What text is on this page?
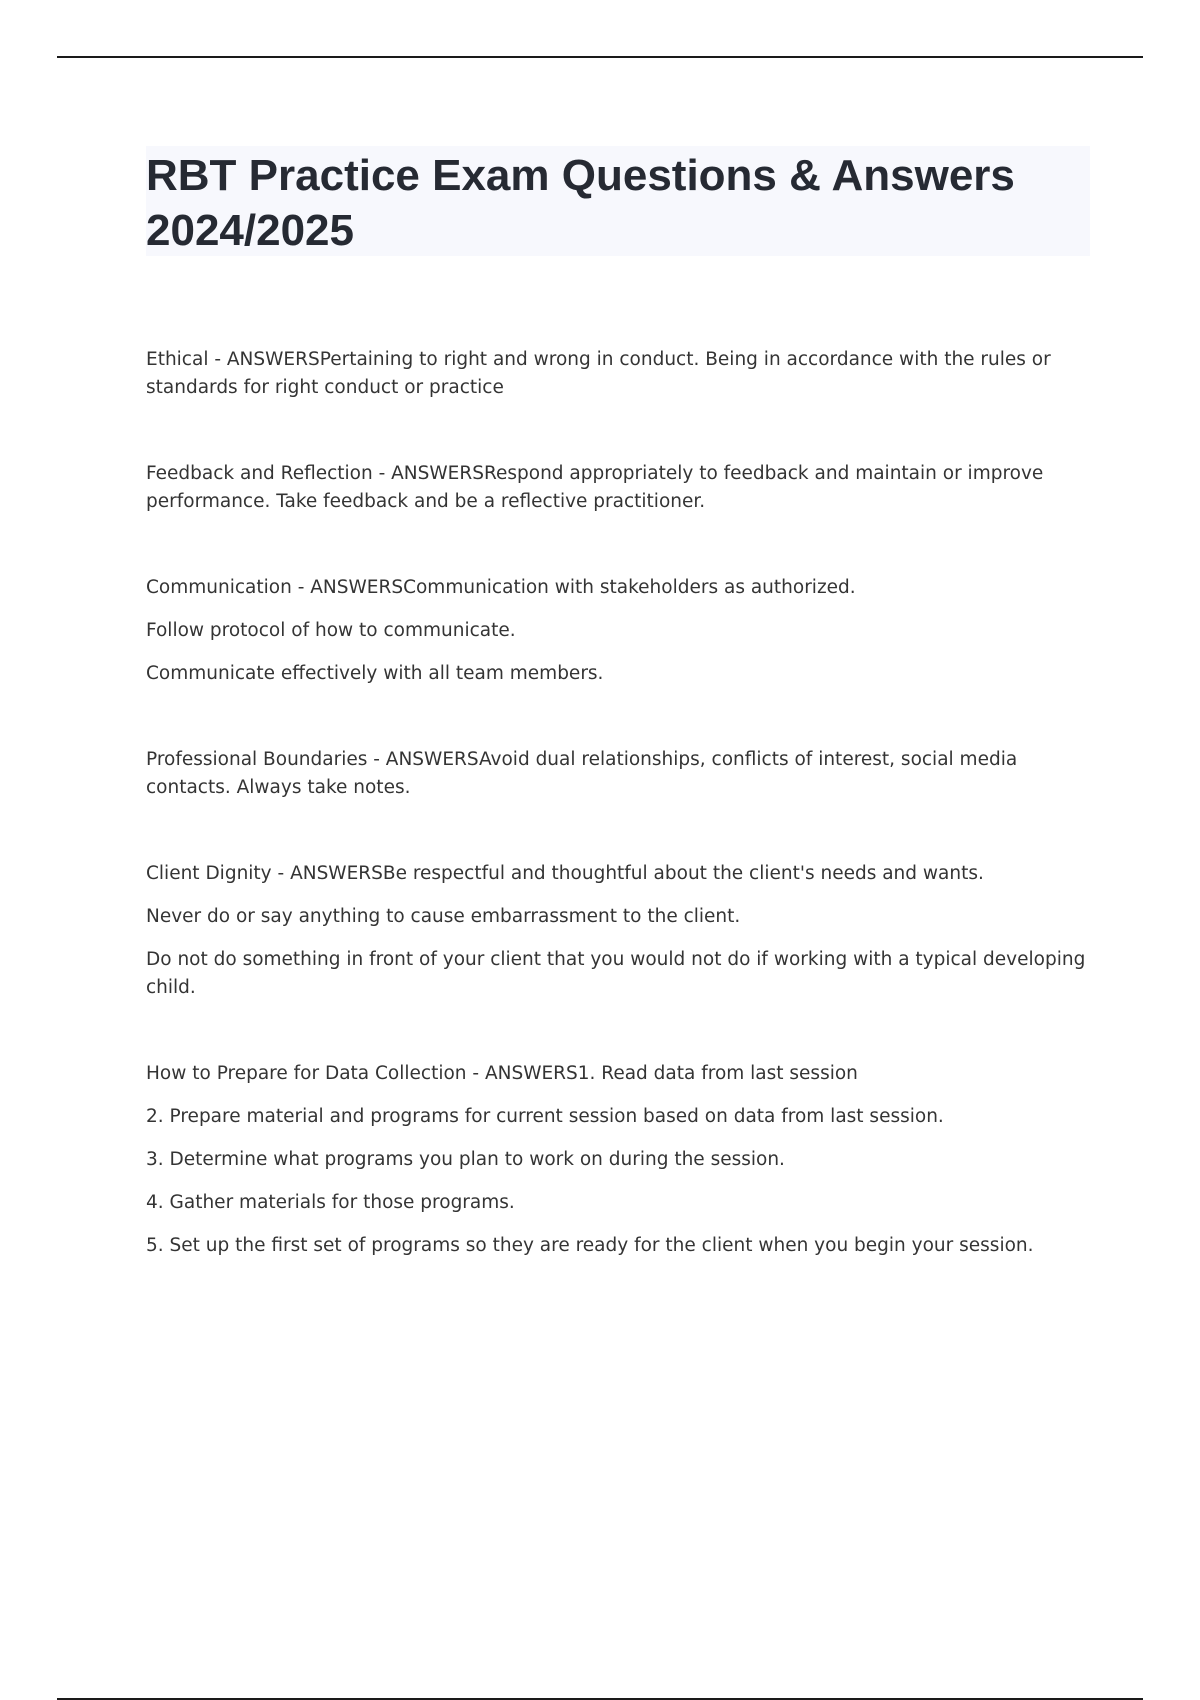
RBT Practice Exam Questions & Answers 2024/2025

Ethical - ANSWERSPertaining to right and wrong in conduct. Being in accordance with the rules or standards for right conduct or practice

Feedback and Reflection - ANSWERSRespond appropriately to feedback and maintain or improve performance. Take feedback and be a reflective practitioner.

Communication - ANSWERSCommunication with stakeholders as authorized.

Follow protocol of how to communicate.

Communicate effectively with all team members.

Professional Boundaries - ANSWERSAvoid dual relationships, conflicts of interest, social media contacts. Always take notes.

Client Dignity - ANSWERSBe respectful and thoughtful about the client's needs and wants.

Never do or say anything to cause embarrassment to the client.

Do not do something in front of your client that you would not do if working with a typical developing child.

How to Prepare for Data Collection - ANSWERS1. Read data from last session

2. Prepare material and programs for current session based on data from last session.

3. Determine what programs you plan to work on during the session.

4. Gather materials for those programs.

5. Set up the first set of programs so they are ready for the client when you begin your session.
